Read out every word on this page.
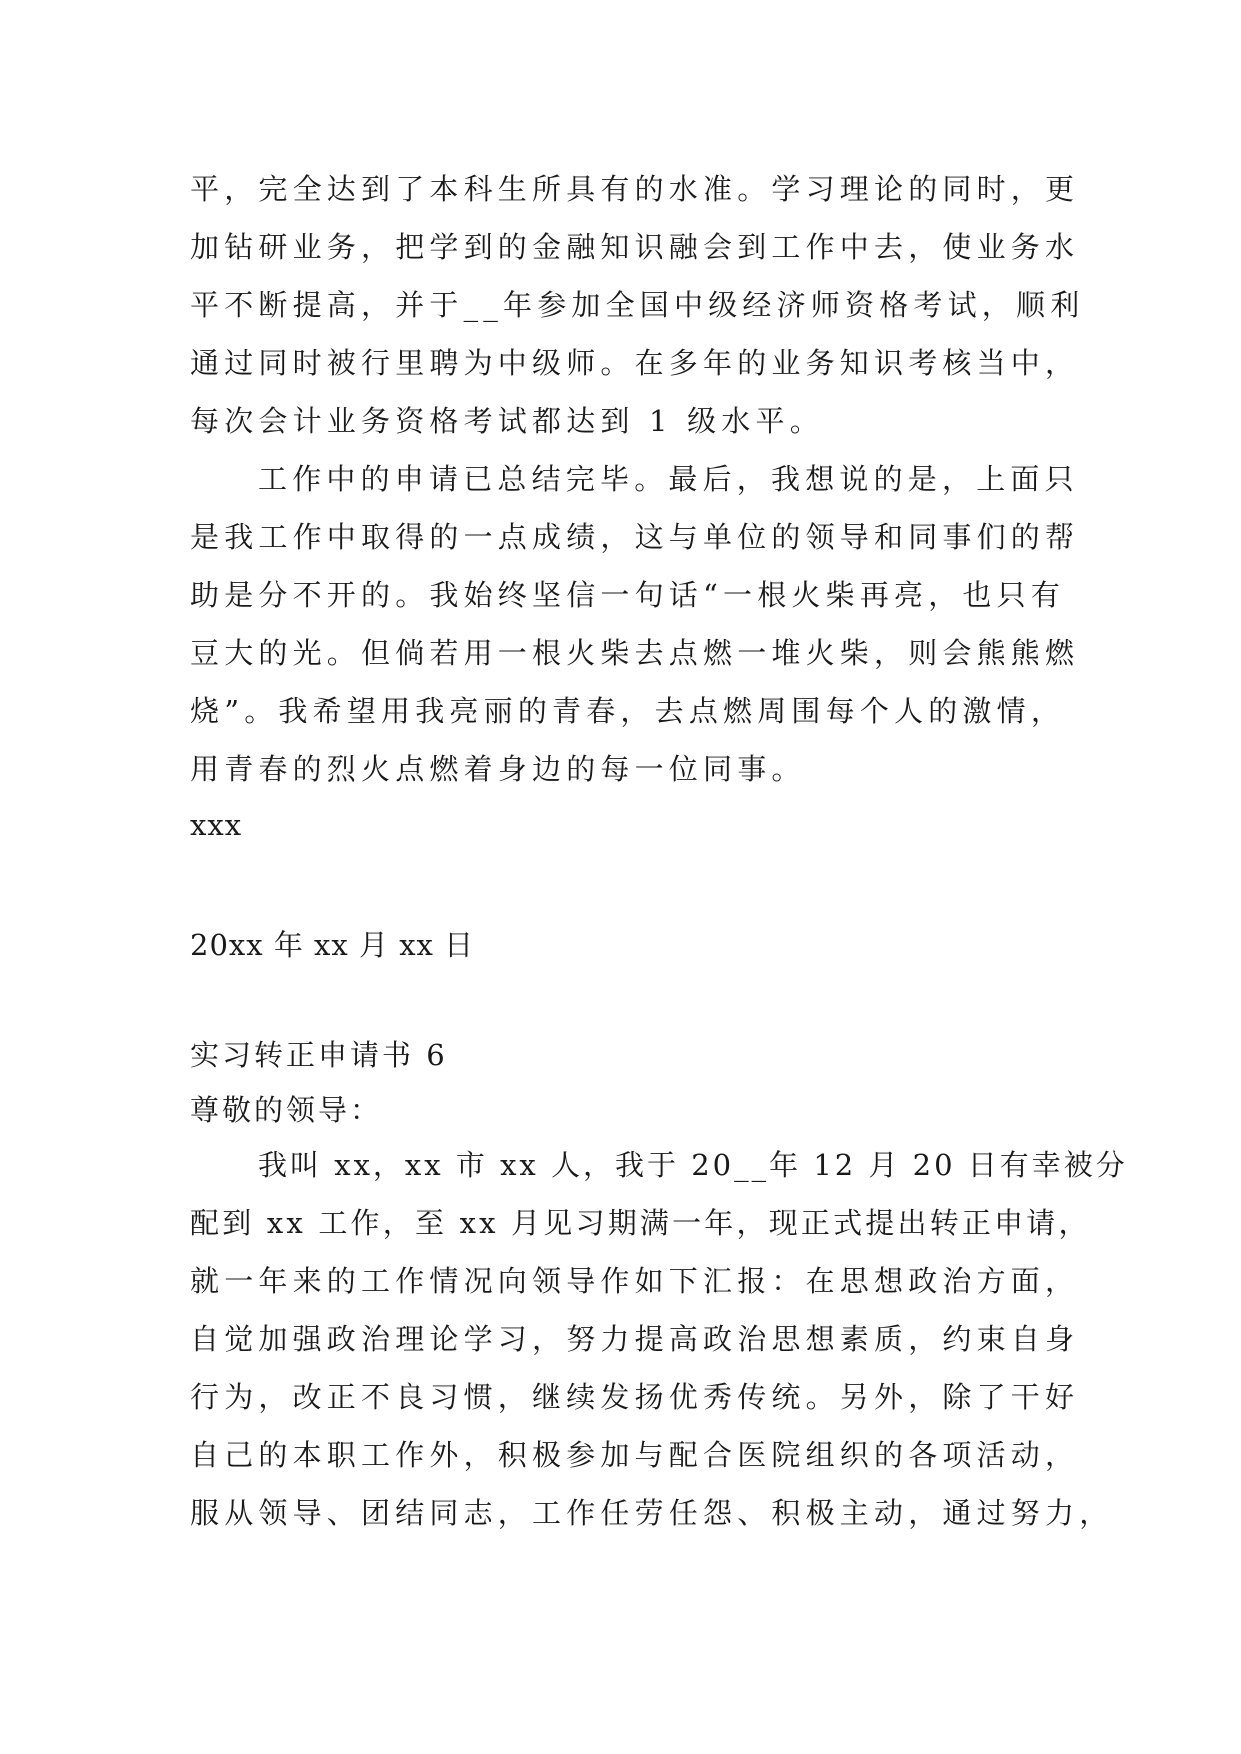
平，完全达到了本科生所具有的水准。学习理论的同时，更
加钻研业务，把学到的金融知识融会到工作中去，使业务水
平不断提高，并于__年参加全国中级经济师资格考试，顺利
通过同时被行里聘为中级师。在多年的业务知识考核当中，
每次会计业务资格考试都达到 1 级水平。
工作中的申请已总结完毕。最后，我想说的是，上面只
是我工作中取得的一点成绩，这与单位的领导和同事们的帮
助是分不开的。我始终坚信一句话“一根火柴再亮，也只有
豆大的光。但倘若用一根火柴去点燃一堆火柴，则会熊熊燃
烧”。我希望用我亮丽的青春，去点燃周围每个人的激情，
用青春的烈火点燃着身边的每一位同事。
xxx
20xx 年 xx 月 xx 日
实习转正申请书 6
尊敬的领导：
我叫 xx，xx 市 xx 人，我于 20__年 12 月 20 日有幸被分
配到 xx 工作，至 xx 月见习期满一年，现正式提出转正申请，
就一年来的工作情况向领导作如下汇报：在思想政治方面，
自觉加强政治理论学习，努力提高政治思想素质，约束自身
行为，改正不良习惯，继续发扬优秀传统。另外，除了干好
自己的本职工作外，积极参加与配合医院组织的各项活动，
服从领导、团结同志，工作任劳任怨、积极主动，通过努力，
